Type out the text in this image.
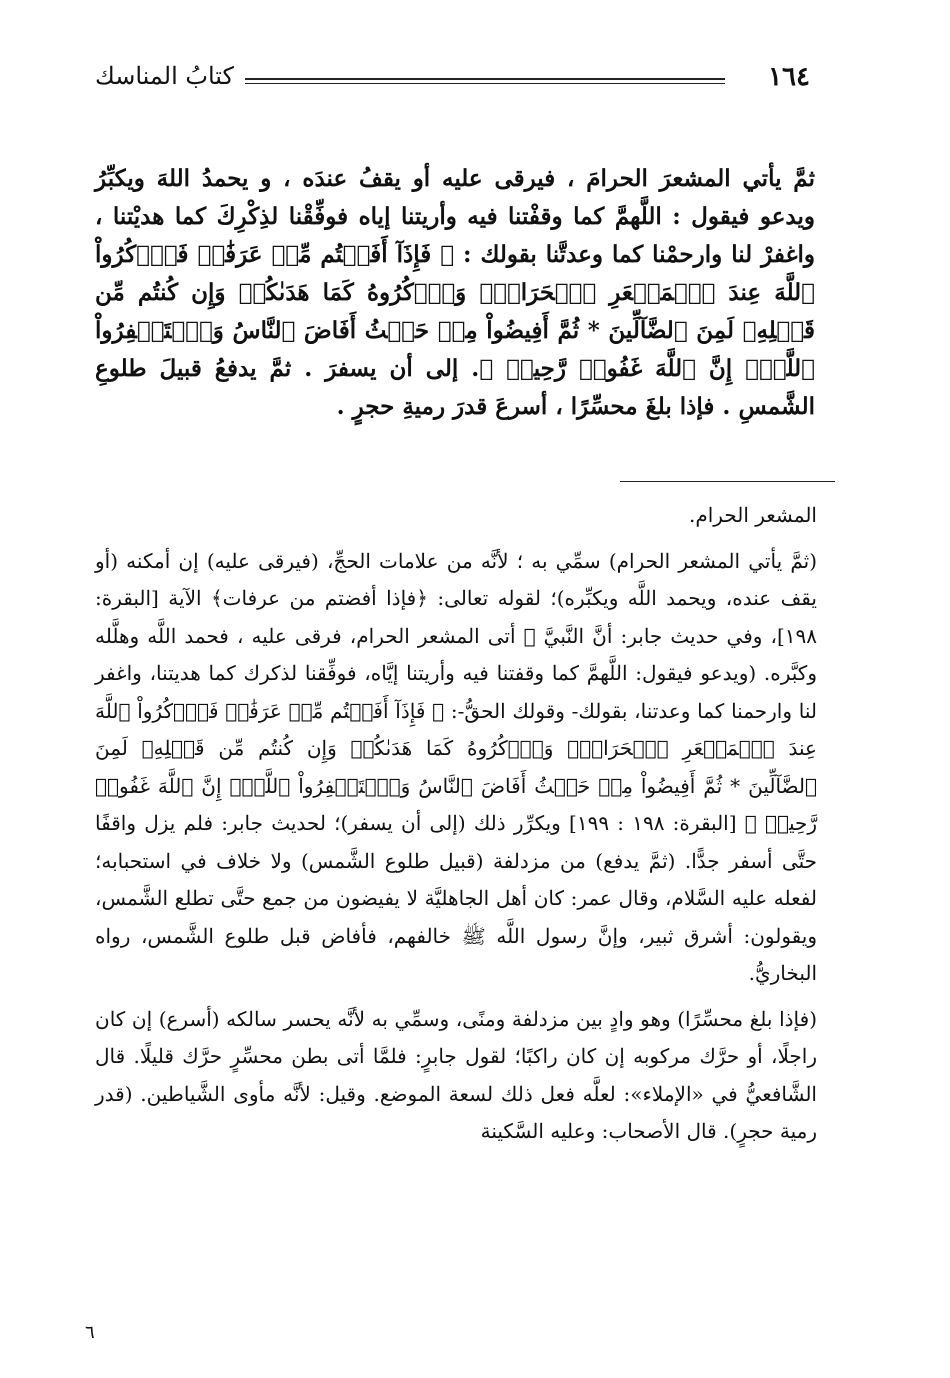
١٦٤
كتابُ المناسك

ثمَّ يأتي المشعرَ الحرامَ ، فيرقى عليه أو يقفُ عندَه ، و يحمدُ اللهَ ويكبِّرُ ويدعو فيقول : اللَّهمَّ كما وقفْتنا فيه وأريتنا إياه فوفِّقْنا لذِكْرِكَ كما هديْتنا ، واغفرْ لنا وارحمْنا كما وعدتَّنا بقولك : ﴿ فَإِذَآ أَفَضۡتُم مِّنۡ عَرَفَٰتٖ فَٱذۡكُرُواْ ٱللَّهَ عِندَ ٱلۡمَشۡعَرِ ٱلۡحَرَامِۖ وَٱذۡكُرُوهُ كَمَا هَدَىٰكُمۡ وَإِن كُنتُم مِّن قَبۡلِهِۦ لَمِنَ ٱلضَّآلِّينَ * ثُمَّ أَفِيضُواْ مِنۡ حَيۡثُ أَفَاضَ ٱلنَّاسُ وَٱسۡتَغۡفِرُواْ ٱللَّهَۚ إِنَّ ٱللَّهَ غَفُورٞ رَّحِيمٞ ﴾. إلى أن يسفرَ . ثمَّ يدفعُ قبيلَ طلوعِ الشَّمسِ . فإذا بلغَ محسِّرًا ، أسرعَ قدرَ رميةِ حجرٍ .

المشعر الحرام.

(ثمَّ يأتي المشعر الحرام) سمِّي به ؛ لأنَّه من علامات الحجِّ، (فيرقى عليه) إن أمكنه (أو يقف عنده، ويحمد اللَّه ويكبِّره)؛ لقوله تعالى: ﴿فإذا أفضتم من عرفات﴾ الآية [البقرة: ١٩٨]، وفي حديث جابر: أنَّ النَّبيَّ ﷺ أتى المشعر الحرام، فرقى عليه ، فحمد اللَّه وهلَّله وكبَّره. (ويدعو فيقول: اللَّهمَّ كما وقفتنا فيه وأريتنا إيَّاه، فوفِّقنا لذكرك كما هديتنا، واغفر لنا وارحمنا كما وعدتنا، بقولك- وقولك الحقُّ-: ﴿ فَإِذَآ أَفَضۡتُم مِّنۡ عَرَفَٰتٖ فَٱذۡكُرُواْ ٱللَّهَ عِندَ ٱلۡمَشۡعَرِ ٱلۡحَرَامِۖ وَٱذۡكُرُوهُ كَمَا هَدَىٰكُمۡ وَإِن كُنتُم مِّن قَبۡلِهِۦ لَمِنَ ٱلضَّآلِّينَ * ثُمَّ أَفِيضُواْ مِنۡ حَيۡثُ أَفَاضَ ٱلنَّاسُ وَٱسۡتَغۡفِرُواْ ٱللَّهَۚ إِنَّ ٱللَّهَ غَفُورٞ رَّحِيمٞ ﴾ [البقرة: ١٩٨ : ١٩٩] ويكرِّر ذلك (إلى أن يسفر)؛ لحديث جابر: فلم يزل واقفًا حتَّى أسفر جدًّا. (ثمَّ يدفع) من مزدلفة (قبيل طلوع الشَّمس) ولا خلاف في استحبابه؛ لفعله عليه السَّلام، وقال عمر: كان أهل الجاهليَّة لا يفيضون من جمع حتَّى تطلع الشَّمس، ويقولون: أشرق ثبير، وإنَّ رسول اللَّه ﷺ خالفهم، فأفاض قبل طلوع الشَّمس، رواه البخاريُّ.

(فإذا بلغ محسِّرًا) وهو وادٍ بين مزدلفة ومنًى، وسمِّي به لأنَّه يحسر سالكه (أسرع) إن كان راجلًا، أو حرَّك مركوبه إن كان راكبًا؛ لقول جابرٍ: فلمَّا أتى بطن محسِّرٍ حرَّك قليلًا. قال الشَّافعيُّ في «الإملاء»: لعلَّه فعل ذلك لسعة الموضع. وقيل: لأنَّه مأوى الشَّياطين. (قدر رمية حجرٍ). قال الأصحاب: وعليه السَّكينة

٦
